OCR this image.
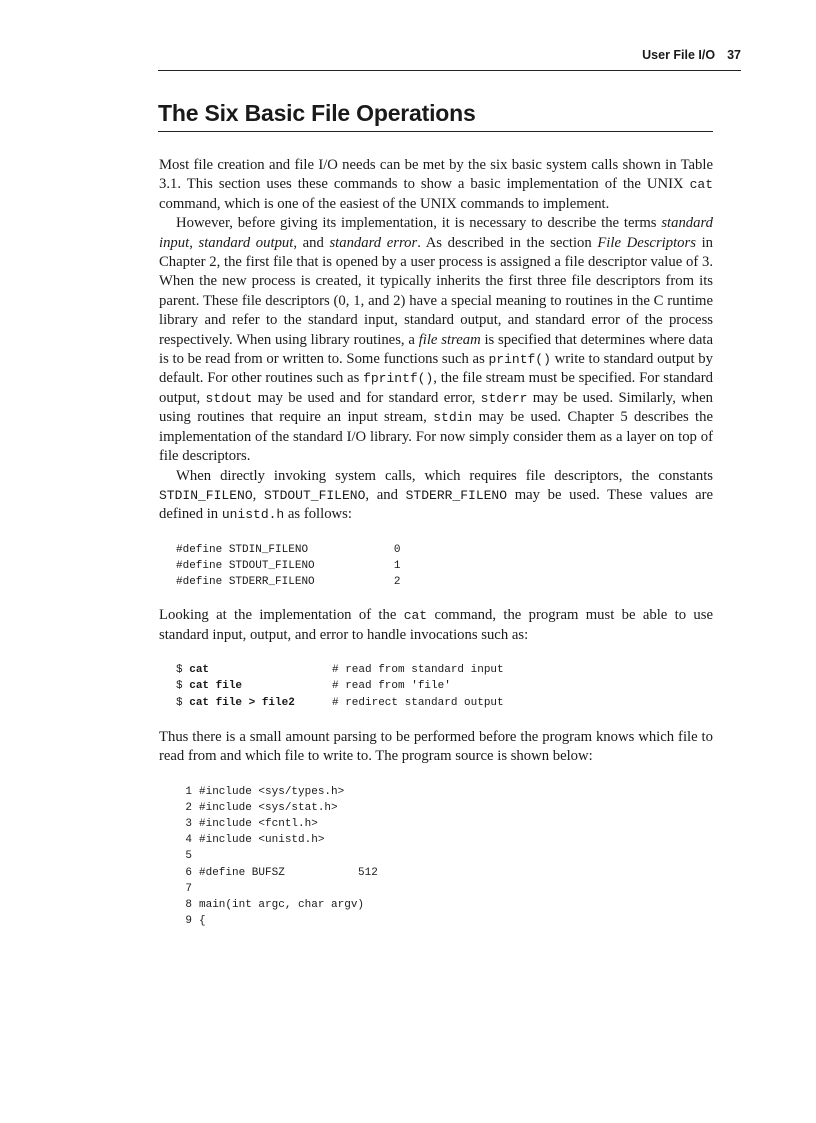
User File I/O 37
The Six Basic File Operations

Most file creation and file I/O needs can be met by the six basic system calls shown in Table 3.1. This section uses these commands to show a basic implementation of the UNIX cat command, which is one of the easiest of the UNIX commands to implement.

However, before giving its implementation, it is necessary to describe the terms standard input, standard output, and standard error. As described in the section File Descriptors in Chapter 2, the first file that is opened by a user process is assigned a file descriptor value of 3. When the new process is created, it typically inherits the first three file descriptors from its parent. These file descriptors (0, 1, and 2) have a special meaning to routines in the C runtime library and refer to the standard input, standard output, and standard error of the process respectively. When using library routines, a file stream is specified that determines where data is to be read from or written to. Some functions such as printf() write to standard output by default. For other routines such as fprintf(), the file stream must be specified. For standard output, stdout may be used and for standard error, stderr may be used. Similarly, when using routines that require an input stream, stdin may be used. Chapter 5 describes the implementation of the standard I/O library. For now simply consider them as a layer on top of file descriptors.

When directly invoking system calls, which requires file descriptors, the constants STDIN_FILENO, STDOUT_FILENO, and STDERR_FILENO may be used. These values are defined in unistd.h as follows:

#define STDIN_FILENO	0
#define STDOUT_FILENO	1
#define STDERR_FILENO	2

Looking at the implementation of the cat command, the program must be able to use standard input, output, and error to handle invocations such as:

$ cat	# read from standard input
$ cat file	# read from 'file'
$ cat file > file2	# redirect standard output

Thus there is a small amount parsing to be performed before the program knows which file to read from and which file to write to. The program source is shown below:

1 #include <sys/types.h>
2 #include <sys/stat.h>
3 #include <fcntl.h>
4 #include <unistd.h>
5
6 #define BUFSZ	512
7
8 main(int argc, char argv)
9 {
